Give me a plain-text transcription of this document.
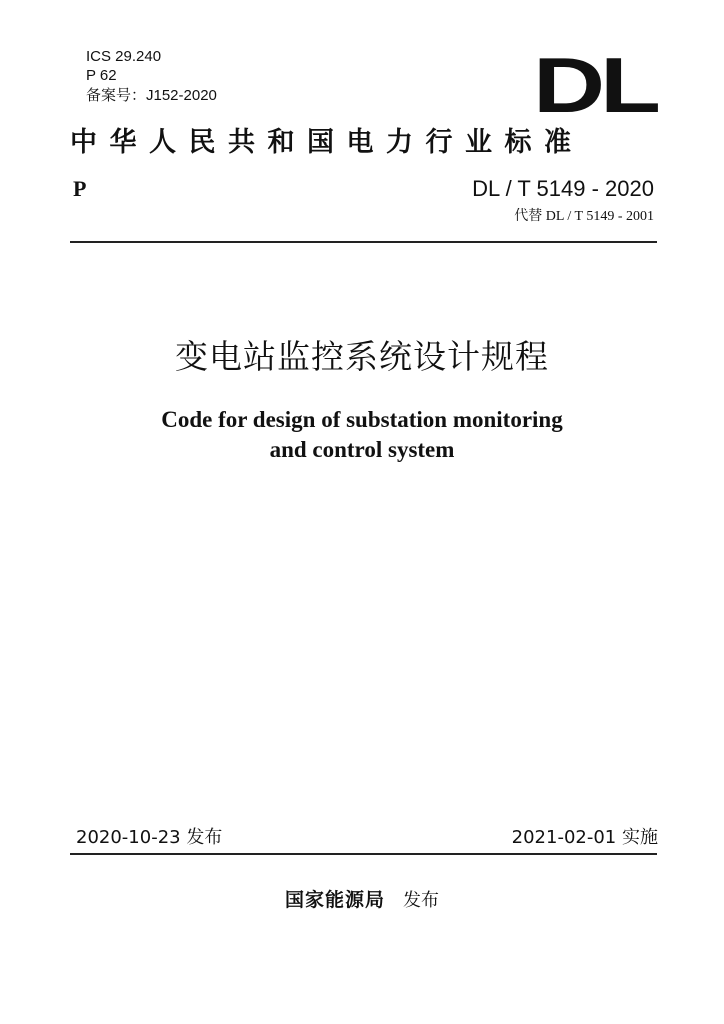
ICS 29.240
P 62
备案号：J152-2020	DL
中华人民共和国电力行业标准
P	DL / T 5149 - 2020
代替 DL / T 5149 - 2001
变电站监控系统设计规程
Code for design of substation monitoring
and control system
2020-10-23 发布	2021-02-01 实施
国家能源局 发布
